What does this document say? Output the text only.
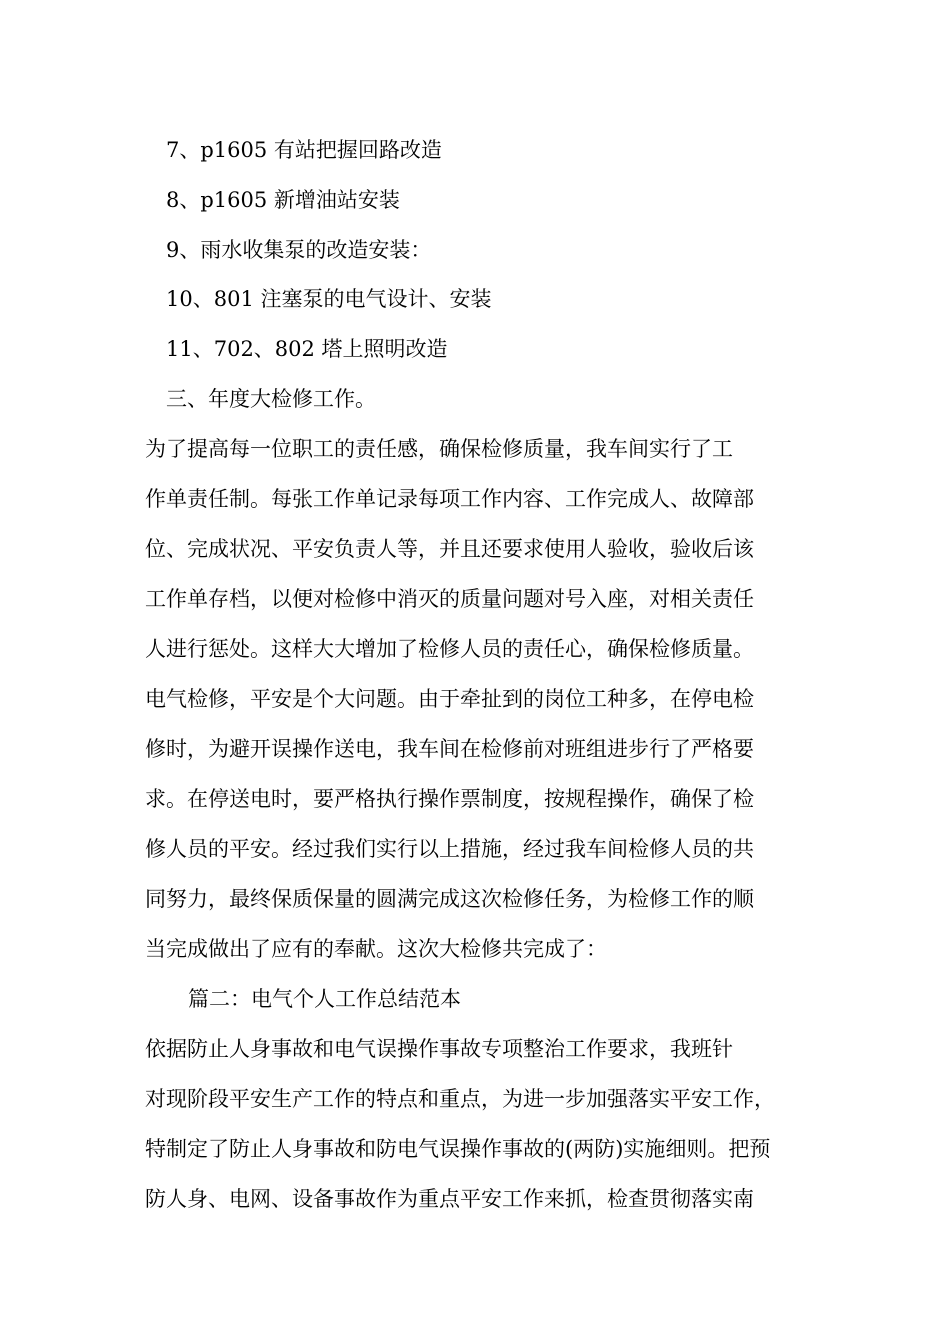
7、p1605 有站把握回路改造
8、p1605 新增油站安装
9、雨水收集泵的改造安装：
10、801 注塞泵的电气设计、安装
11、702、802 塔上照明改造
三、年度大检修工作。
为了提高每一位职工的责任感，确保检修质量，我车间实行了工
作单责任制。每张工作单记录每项工作内容、工作完成人、故障部
位、完成状况、平安负责人等，并且还要求使用人验收，验收后该
工作单存档，以便对检修中消灭的质量问题对号入座，对相关责任
人进行惩处。这样大大增加了检修人员的责任心，确保检修质量。
电气检修，平安是个大问题。由于牵扯到的岗位工种多，在停电检
修时，为避开误操作送电，我车间在检修前对班组进步行了严格要
求。在停送电时，要严格执行操作票制度，按规程操作，确保了检
修人员的平安。经过我们实行以上措施，经过我车间检修人员的共
同努力，最终保质保量的圆满完成这次检修任务，为检修工作的顺
当完成做出了应有的奉献。这次大检修共完成了：
篇二：电气个人工作总结范本
依据防止人身事故和电气误操作事故专项整治工作要求，我班针
对现阶段平安生产工作的特点和重点，为进一步加强落实平安工作，
特制定了防止人身事故和防电气误操作事故的(两防)实施细则。把预
防人身、电网、设备事故作为重点平安工作来抓，检查贯彻落实南
